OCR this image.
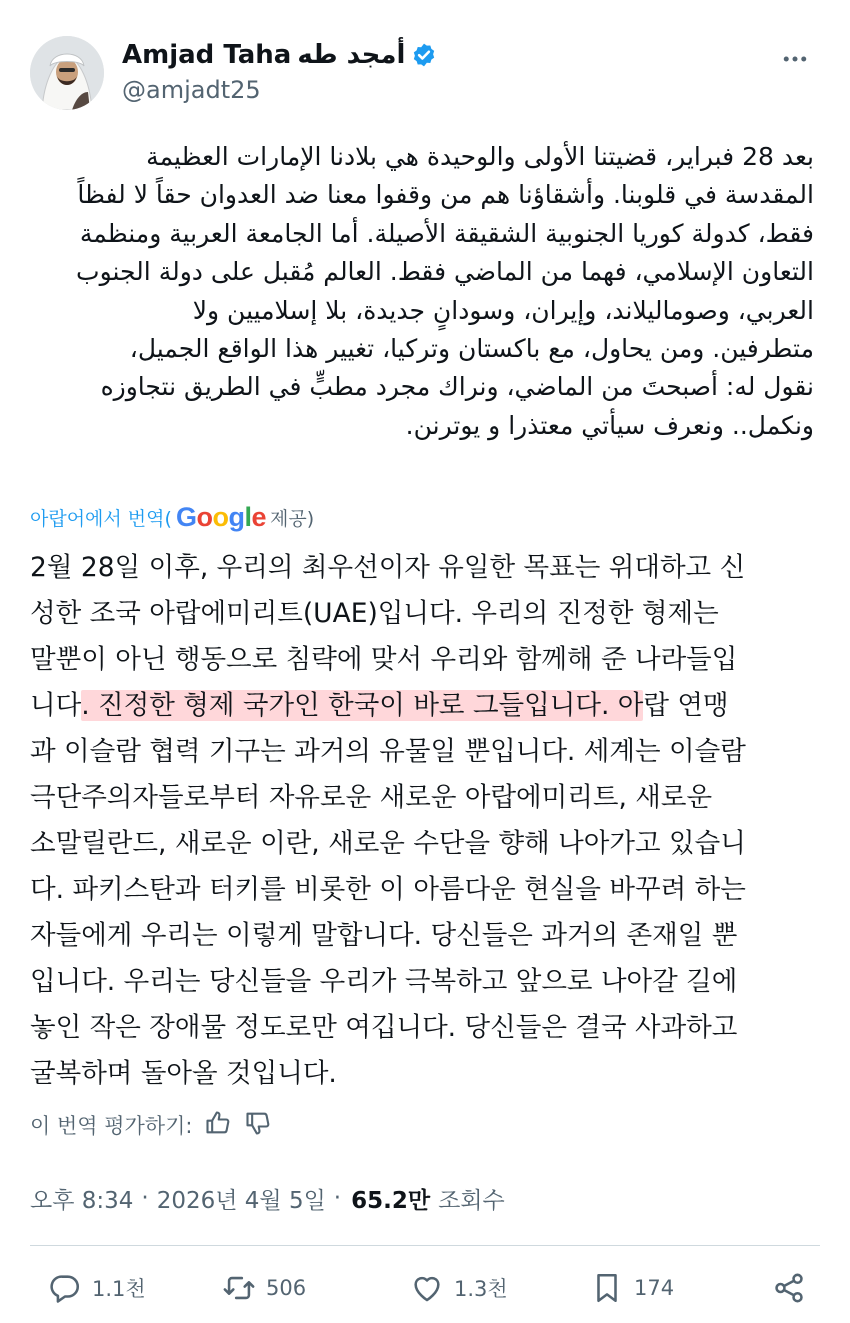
Amjad Taha أمجد طه
@amjadt25

بعد 28 فبراير، قضيتنا الأولى والوحيدة هي بلادنا الإمارات العظيمة

المقدسة في قلوبنا. وأشقاؤنا هم من وقفوا معنا ضد العدوان حقاً لا لفظاً

فقط، كدولة كوريا الجنوبية الشقيقة الأصيلة. أما الجامعة العربية ومنظمة

التعاون الإسلامي، فهما من الماضي فقط. العالم مُقبل على دولة الجنوب

العربي، وصوماليلاند، وإيران، وسودانٍ جديدة، بلا إسلاميين ولا

متطرفين. ومن يحاول، مع باكستان وتركيا، تغيير هذا الواقع الجميل،

نقول له: أصبحتَ من الماضي، ونراك مجرد مطبٍّ في الطريق نتجاوزه

ونكمل.. ونعرف سيأتي معتذرا و يوترنن.

아랍어에서 번역( Google 제공)

2월 28일 이후, 우리의 최우선이자 유일한 목표는 위대하고 신

성한 조국 아랍에미리트(UAE)입니다. 우리의 진정한 형제는

말뿐이 아닌 행동으로 침략에 맞서 우리와 함께해 준 나라들입

니다. 진정한 형제 국가인 한국이 바로 그들입니다. 아랍 연맹

과 이슬람 협력 기구는 과거의 유물일 뿐입니다. 세계는 이슬람

극단주의자들로부터 자유로운 새로운 아랍에미리트, 새로운

소말릴란드, 새로운 이란, 새로운 수단을 향해 나아가고 있습니

다. 파키스탄과 터키를 비롯한 이 아름다운 현실을 바꾸려 하는

자들에게 우리는 이렇게 말합니다. 당신들은 과거의 존재일 뿐

입니다. 우리는 당신들을 우리가 극복하고 앞으로 나아갈 길에

놓인 작은 장애물 정도로만 여깁니다. 당신들은 결국 사과하고

굴복하며 돌아올 것입니다.

이 번역 평가하기:
오후 8:34 · 2026년 4월 5일 · 65.2만 조회수
1.1천	506	1.3천	174
